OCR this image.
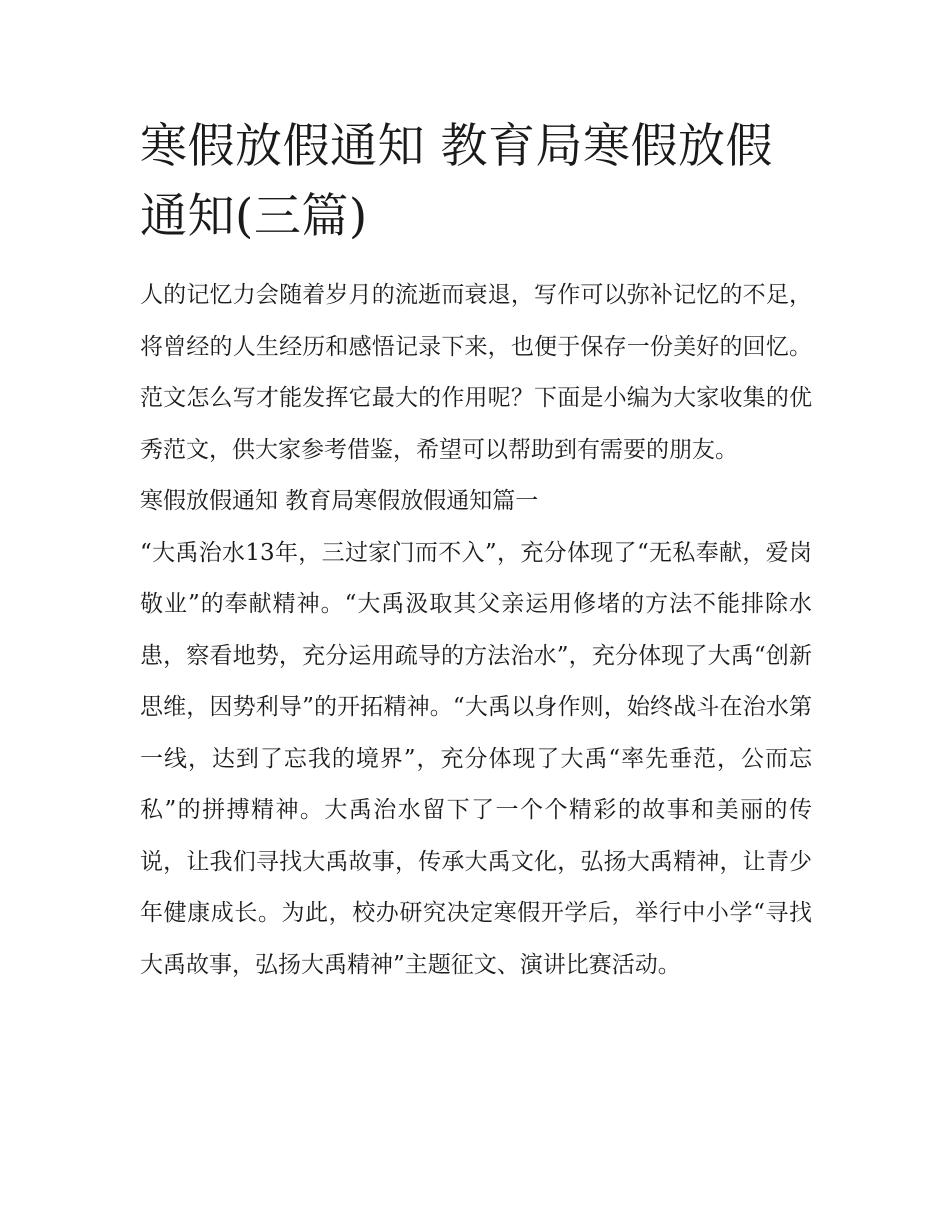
寒假放假通知 教育局寒假放假通知(三篇)

人的记忆力会随着岁月的流逝而衰退，写作可以弥补记忆的不足，将曾经的人生经历和感悟记录下来，也便于保存一份美好的回忆。范文怎么写才能发挥它最大的作用呢？下面是小编为大家收集的优秀范文，供大家参考借鉴，希望可以帮助到有需要的朋友。

寒假放假通知 教育局寒假放假通知篇一

“大禹治水13年，三过家门而不入”，充分体现了“无私奉献，爱岗敬业”的奉献精神。“大禹汲取其父亲运用修堵的方法不能排除水患，察看地势，充分运用疏导的方法治水”，充分体现了大禹“创新思维，因势利导”的开拓精神。“大禹以身作则，始终战斗在治水第一线，达到了忘我的境界”，充分体现了大禹“率先垂范，公而忘私”的拼搏精神。大禹治水留下了一个个精彩的故事和美丽的传说，让我们寻找大禹故事，传承大禹文化，弘扬大禹精神，让青少年健康成长。为此，校办研究决定寒假开学后，举行中小学“寻找大禹故事，弘扬大禹精神”主题征文、演讲比赛活动。
